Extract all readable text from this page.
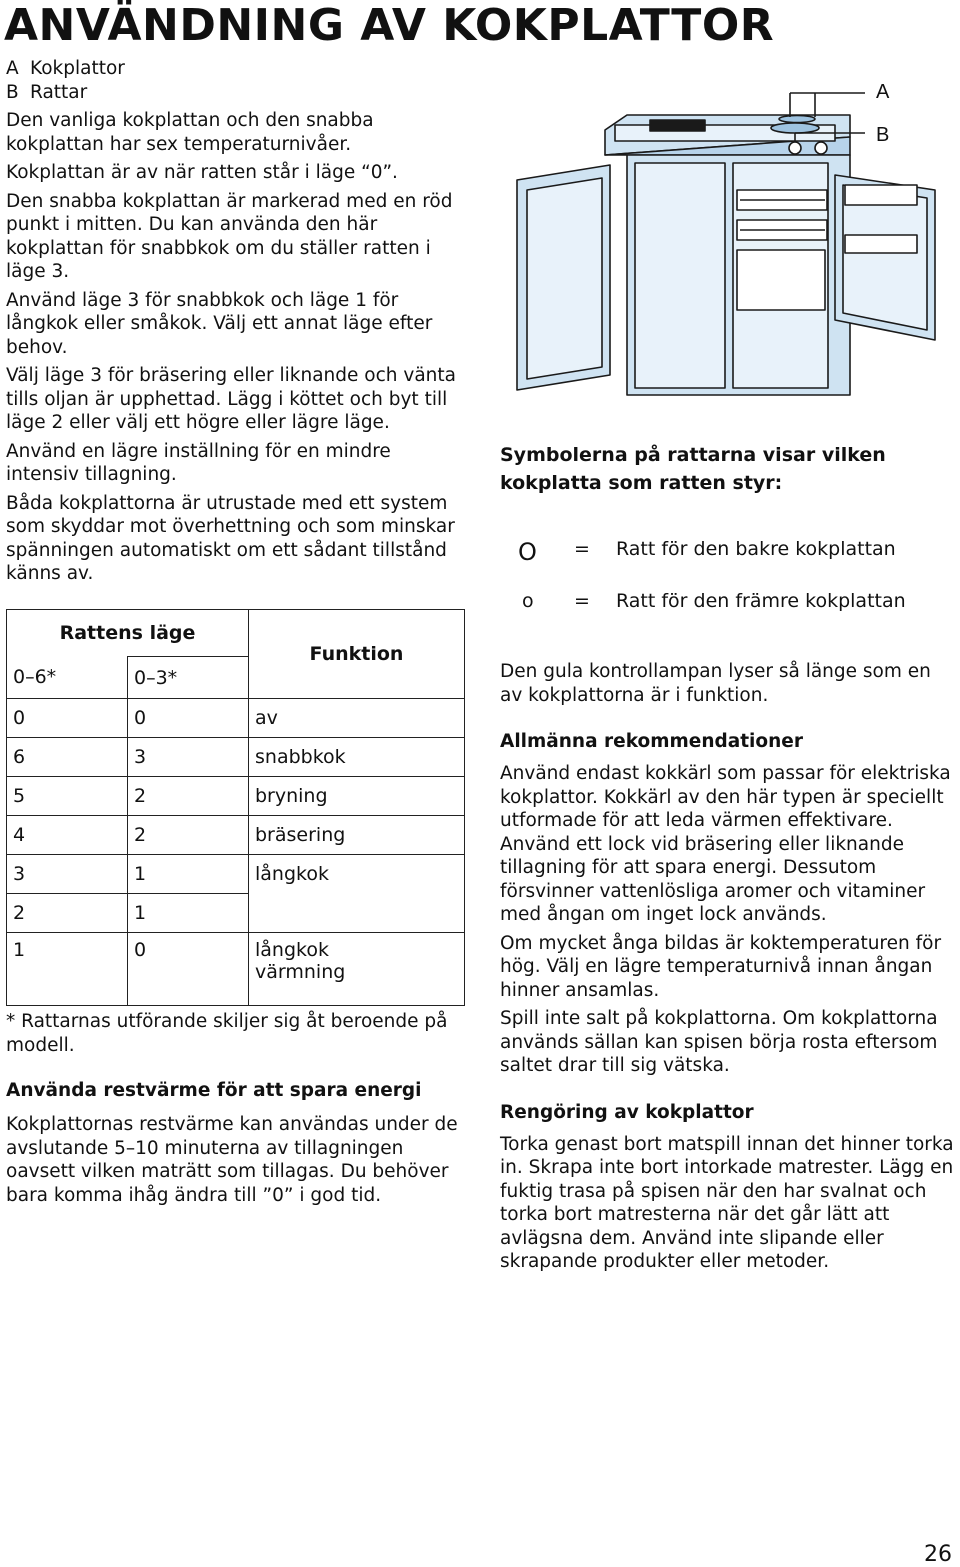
ANVÄNDNING AV KOKPLATTOR

A Kokplattor

B Rattar

Den vanliga kokplattan och den snabba kokplattan har sex temperaturnivåer.

Kokplattan är av när ratten står i läge “0”.

Den snabba kokplattan är markerad med en röd punkt i mitten. Du kan använda den här kokplattan för snabbkok om du ställer ratten i läge 3.

Använd läge 3 för snabbkok och läge 1 för långkok eller småkok. Välj ett annat läge efter behov.

Välj läge 3 för bräsering eller liknande och vänta tills oljan är upphettad. Lägg i köttet och byt till läge 2 eller välj ett högre eller lägre läge.

Använd en lägre inställning för en mindre intensiv tillagning.

Båda kokplattorna är utrustade med ett system som skyddar mot överhettning och som minskar spänningen automatiskt om ett sådant tillstånd känns av.

Rattens läge		Funktion
0–6*	0–3*	
0	0	av
6	3	snabbkok
5	2	bryning
4	2	bräsering
3	1	långkok
2	1	
1	0	långkok
värmning

* Rattarnas utförande skiljer sig åt beroende på modell.

Använda restvärme för att spara energi

Kokplattornas restvärme kan användas under de avslutande 5–10 minuterna av tillagningen oavsett vilken maträtt som tillagas. Du behöver bara komma ihåg ändra till ”0” i god tid.

A
B
Symbolerna på rattarna visar vilken kokplatta som ratten styr:
O = Ratt för den bakre kokplattan
o = Ratt för den främre kokplattan

Den gula kontrollampan lyser så länge som en av kokplattorna är i funktion.

Allmänna rekommendationer

Använd endast kokkärl som passar för elektriska kokplattor. Kokkärl av den här typen är speciellt utformade för att leda värmen effektivare. Använd ett lock vid bräsering eller liknande tillagning för att spara energi. Dessutom försvinner vattenlösliga aromer och vitaminer med ångan om inget lock används.

Om mycket ånga bildas är koktemperaturen för hög. Välj en lägre temperaturnivå innan ångan hinner ansamlas.

Spill inte salt på kokplattorna. Om kokplattorna används sällan kan spisen börja rosta eftersom saltet drar till sig vätska.

Rengöring av kokplattor

Torka genast bort matspill innan det hinner torka in. Skrapa inte bort intorkade matrester. Lägg en fuktig trasa på spisen när den har svalnat och torka bort matresterna när det går lätt att avlägsna dem. Använd inte slipande eller skrapande produkter eller metoder.

26
